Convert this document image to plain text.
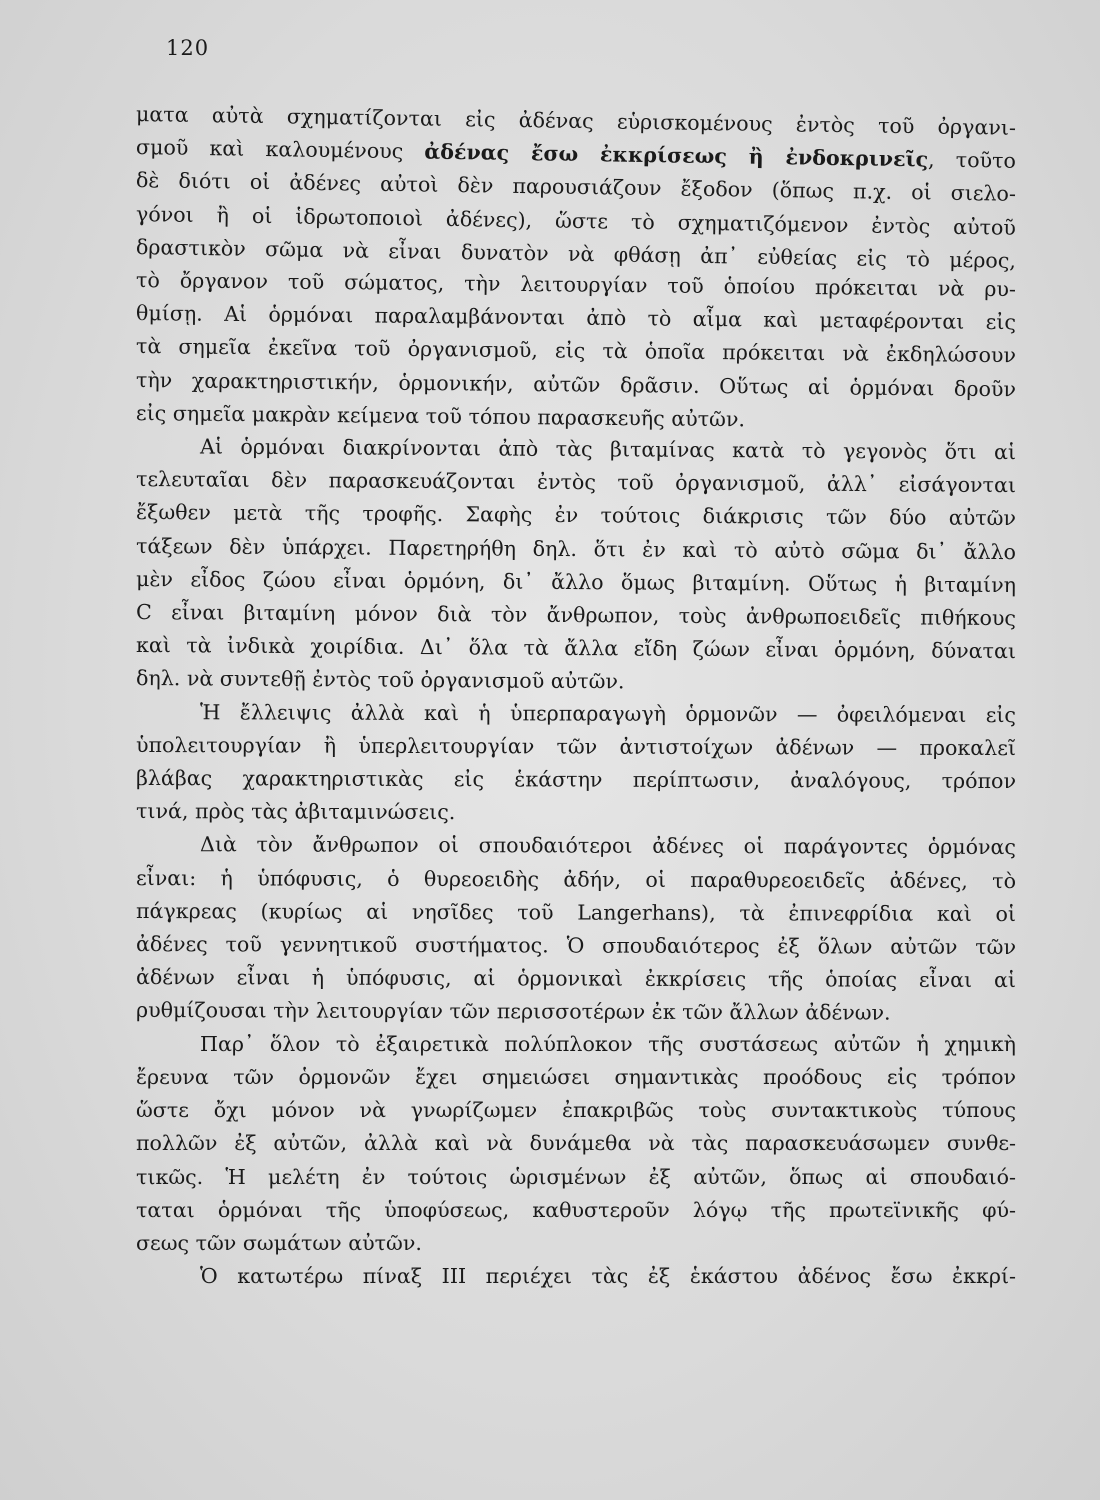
120
ματα αὐτὰ σχηματίζονται εἰς ἀδένας εὑρισκομένους ἐντὸς τοῦ ὀργανι-
σμοῦ καὶ καλουμένους ἀδένας ἔσω ἐκκρίσεως ἢ ἐνδοκρινεῖς, τοῦτο
δὲ διότι οἱ ἀδένες αὐτοὶ δὲν παρουσιάζουν ἔξοδον (ὅπως π.χ. οἱ σιελο-
γόνοι ἢ οἱ ἱδρωτοποιοὶ ἀδένες), ὥστε τὸ σχηματιζόμενον ἐντὸς αὐτοῦ
δραστικὸν σῶμα νὰ εἶναι δυνατὸν νὰ φθάσῃ ἀπ᾽ εὐθείας εἰς τὸ μέρος,
τὸ ὄργανον τοῦ σώματος, τὴν λειτουργίαν τοῦ ὁποίου πρόκειται νὰ ρυ-
θμίσῃ. Αἱ ὁρμόναι παραλαμβάνονται ἀπὸ τὸ αἷμα καὶ μεταφέρονται εἰς
τὰ σημεῖα ἐκεῖνα τοῦ ὀργανισμοῦ, εἰς τὰ ὁποῖα πρόκειται νὰ ἐκδηλώσουν
τὴν χαρακτηριστικήν, ὁρμονικήν, αὐτῶν δρᾶσιν. Οὕτως αἱ ὁρμόναι δροῦν
εἰς σημεῖα μακρὰν κείμενα τοῦ τόπου παρασκευῆς αὐτῶν.
Αἱ ὁρμόναι διακρίνονται ἀπὸ τὰς βιταμίνας κατὰ τὸ γεγονὸς ὅτι αἱ
τελευταῖαι δὲν παρασκευάζονται ἐντὸς τοῦ ὀργανισμοῦ, ἀλλ᾽ εἰσάγονται
ἔξωθεν μετὰ τῆς τροφῆς. Σαφὴς ἐν τούτοις διάκρισις τῶν δύο αὐτῶν
τάξεων δὲν ὑπάρχει. Παρετηρήθη δηλ. ὅτι ἐν καὶ τὸ αὐτὸ σῶμα δι᾽ ἄλλο
μὲν εἶδος ζώου εἶναι ὁρμόνη, δι᾽ ἄλλο ὅμως βιταμίνη. Οὕτως ἡ βιταμίνη
C εἶναι βιταμίνη μόνον διὰ τὸν ἄνθρωπον, τοὺς ἀνθρωποειδεῖς πιθήκους
καὶ τὰ ἰνδικὰ χοιρίδια. Δι᾽ ὅλα τὰ ἄλλα εἴδη ζώων εἶναι ὁρμόνη, δύναται
δηλ. νὰ συντεθῇ ἐντὸς τοῦ ὀργανισμοῦ αὐτῶν.
Ἡ ἔλλειψις ἀλλὰ καὶ ἡ ὑπερπαραγωγὴ ὁρμονῶν — ὀφειλόμεναι εἰς
ὑπολειτουργίαν ἢ ὑπερλειτουργίαν τῶν ἀντιστοίχων ἀδένων — προκαλεῖ
βλάβας χαρακτηριστικὰς εἰς ἑκάστην περίπτωσιν, ἀναλόγους, τρόπον
τινά, πρὸς τὰς ἀβιταμινώσεις.
Διὰ τὸν ἄνθρωπον οἱ σπουδαιότεροι ἀδένες οἱ παράγοντες ὁρμόνας
εἶναι: ἡ ὑπόφυσις, ὁ θυρεοειδὴς ἀδήν, οἱ παραθυρεοειδεῖς ἀδένες, τὸ
πάγκρεας (κυρίως αἱ νησῖδες τοῦ Langerhans), τὰ ἐπινεφρίδια καὶ οἱ
ἀδένες τοῦ γεννητικοῦ συστήματος. Ὁ σπουδαιότερος ἐξ ὅλων αὐτῶν τῶν
ἀδένων εἶναι ἡ ὑπόφυσις, αἱ ὁρμονικαὶ ἐκκρίσεις τῆς ὁποίας εἶναι αἱ
ρυθμίζουσαι τὴν λειτουργίαν τῶν περισσοτέρων ἐκ τῶν ἄλλων ἀδένων.
Παρ᾽ ὅλον τὸ ἐξαιρετικὰ πολύπλοκον τῆς συστάσεως αὐτῶν ἡ χημικὴ
ἔρευνα τῶν ὁρμονῶν ἔχει σημειώσει σημαντικὰς προόδους εἰς τρόπον
ὥστε ὄχι μόνον νὰ γνωρίζωμεν ἐπακριβῶς τοὺς συντακτικοὺς τύπους
πολλῶν ἐξ αὐτῶν, ἀλλὰ καὶ νὰ δυνάμεθα νὰ τὰς παρασκευάσωμεν συνθε-
τικῶς. Ἡ μελέτη ἐν τούτοις ὡρισμένων ἐξ αὐτῶν, ὅπως αἱ σπουδαιό-
ταται ὁρμόναι τῆς ὑποφύσεως, καθυστεροῦν λόγῳ τῆς πρωτεϊνικῆς φύ-
σεως τῶν σωμάτων αὐτῶν.
Ὁ κατωτέρω πίναξ III περιέχει τὰς ἐξ ἑκάστου ἀδένος ἔσω ἐκκρί-
